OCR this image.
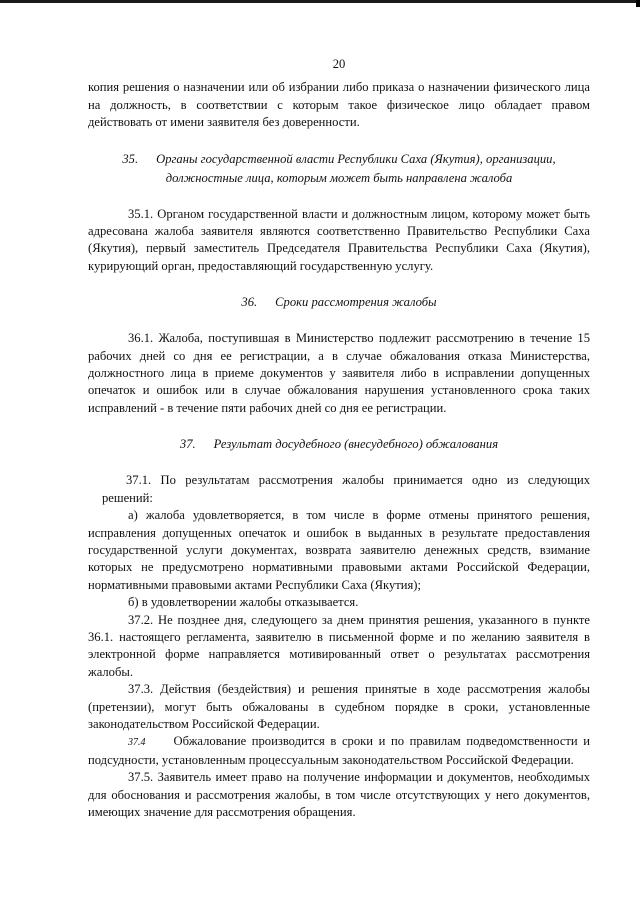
20

копия решения о назначении или об избрании либо приказа о назначении физического лица на должность, в соответствии с которым такое физическое лицо обладает правом действовать от имени заявителя без доверенности.

35. Органы государственной власти Республики Саха (Якутия), организации, должностные лица, которым может быть направлена жалоба

35.1. Органом государственной власти и должностным лицом, которому может быть адресована жалоба заявителя являются соответственно Правительство Республики Саха (Якутия), первый заместитель Председателя Правительства Республики Саха (Якутия), курирующий орган, предоставляющий государственную услугу.

36. Сроки рассмотрения жалобы

36.1. Жалоба, поступившая в Министерство подлежит рассмотрению в течение 15 рабочих дней со дня ее регистрации, а в случае обжалования отказа Министерства, должностного лица в приеме документов у заявителя либо в исправлении допущенных опечаток и ошибок или в случае обжалования нарушения установленного срока таких исправлений - в течение пяти рабочих дней со дня ее регистрации.

37. Результат досудебного (внесудебного) обжалования

37.1. По результатам рассмотрения жалобы принимается одно из следующих решений:

а) жалоба удовлетворяется, в том числе в форме отмены принятого решения, исправления допущенных опечаток и ошибок в выданных в результате предоставления государственной услуги документах, возврата заявителю денежных средств, взимание которых не предусмотрено нормативными правовыми актами Российской Федерации, нормативными правовыми актами Республики Саха (Якутия);

б) в удовлетворении жалобы отказывается.

37.2. Не позднее дня, следующего за днем принятия решения, указанного в пункте 36.1. настоящего регламента, заявителю в письменной форме и по желанию заявителя в электронной форме направляется мотивированный ответ о результатах рассмотрения жалобы.

37.3. Действия (бездействия) и решения принятые в ходе рассмотрения жалобы (претензии), могут быть обжалованы в судебном порядке в сроки, установленные законодательством Российской Федерации.

37.4 Обжалование производится в сроки и по правилам подведомственности и подсудности, установленным процессуальным законодательством Российской Федерации.

37.5. Заявитель имеет право на получение информации и документов, необходимых для обоснования и рассмотрения жалобы, в том числе отсутствующих у него документов, имеющих значение для рассмотрения обращения.
